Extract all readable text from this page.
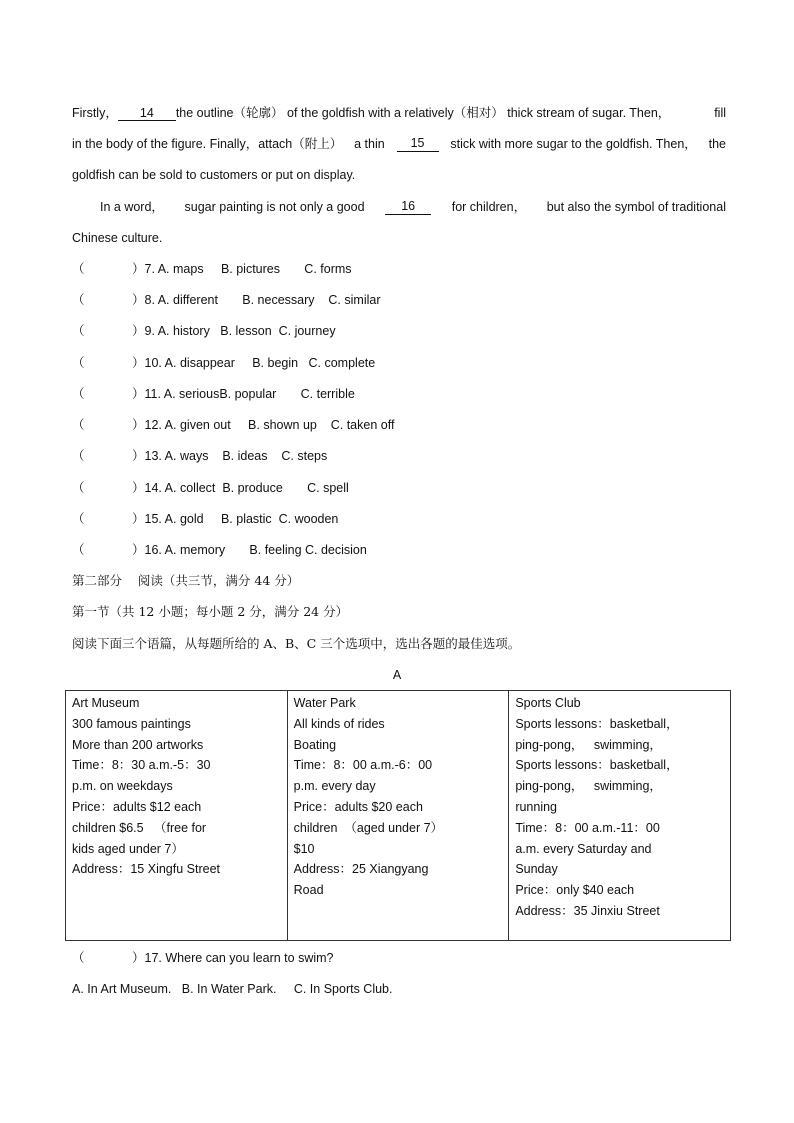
Firstly， 14 the outline（轮廓） of the goldfish with a relatively（相对） thick stream of sugar. Then，	fill
in the body of the figure. Finally，attach（附上） a thin	15	stick with more sugar to the goldfish. Then， the
goldfish can be sold to customers or put on display.
In a word， sugar painting is not only a good	16	for children， but also the symbol of traditional
Chinese culture.
（	）7. A. maps     B. pictures       C. forms
（	）8. A. different       B. necessary    C. similar
（	）9. A. history   B. lesson  C. journey
（	）10. A. disappear     B. begin   C. complete
（	）11. A. seriousB. popular       C. terrible
（	）12. A. given out     B. shown up    C. taken off
（	）13. A. ways    B. ideas    C. steps
（	）14. A. collect  B. produce       C. spell
（	）15. A. gold     B. plastic  C. wooden
（	）16. A. memory       B. feeling C. decision
第二部分    阅读（共三节，满分 44 分）
第一节（共 12 小题；每小题 2 分，满分 24 分）
阅读下面三个语篇，从每题所给的 A、B、C 三个选项中，选出各题的最佳选项。
A
Art Museum
300 famous paintings
More than 200 artworks
Time：8：30 a.m.-5：30
p.m. on weekdays
Price：adults $12 each
children $6.5   （free for
kids aged under 7）
Address：15 Xingfu Street

Water Park
All kinds of rides
Boating
Time：8：00 a.m.-6：00
p.m. every day
Price：adults $20 each
children  （aged under 7）
$10
Address：25 Xiangyang
Road

Sports Club
Sports lessons：basketball，
ping-pong，   swimming，
Sports lessons：basketball，
ping-pong，   swimming，
running
Time：8：00 a.m.-11：00
a.m. every Saturday and
Sunday
Price：only $40 each
Address：35 Jinxiu Street
（	）17. Where can you learn to swim?
A. In Art Museum.   B. In Water Park.     C. In Sports Club.
